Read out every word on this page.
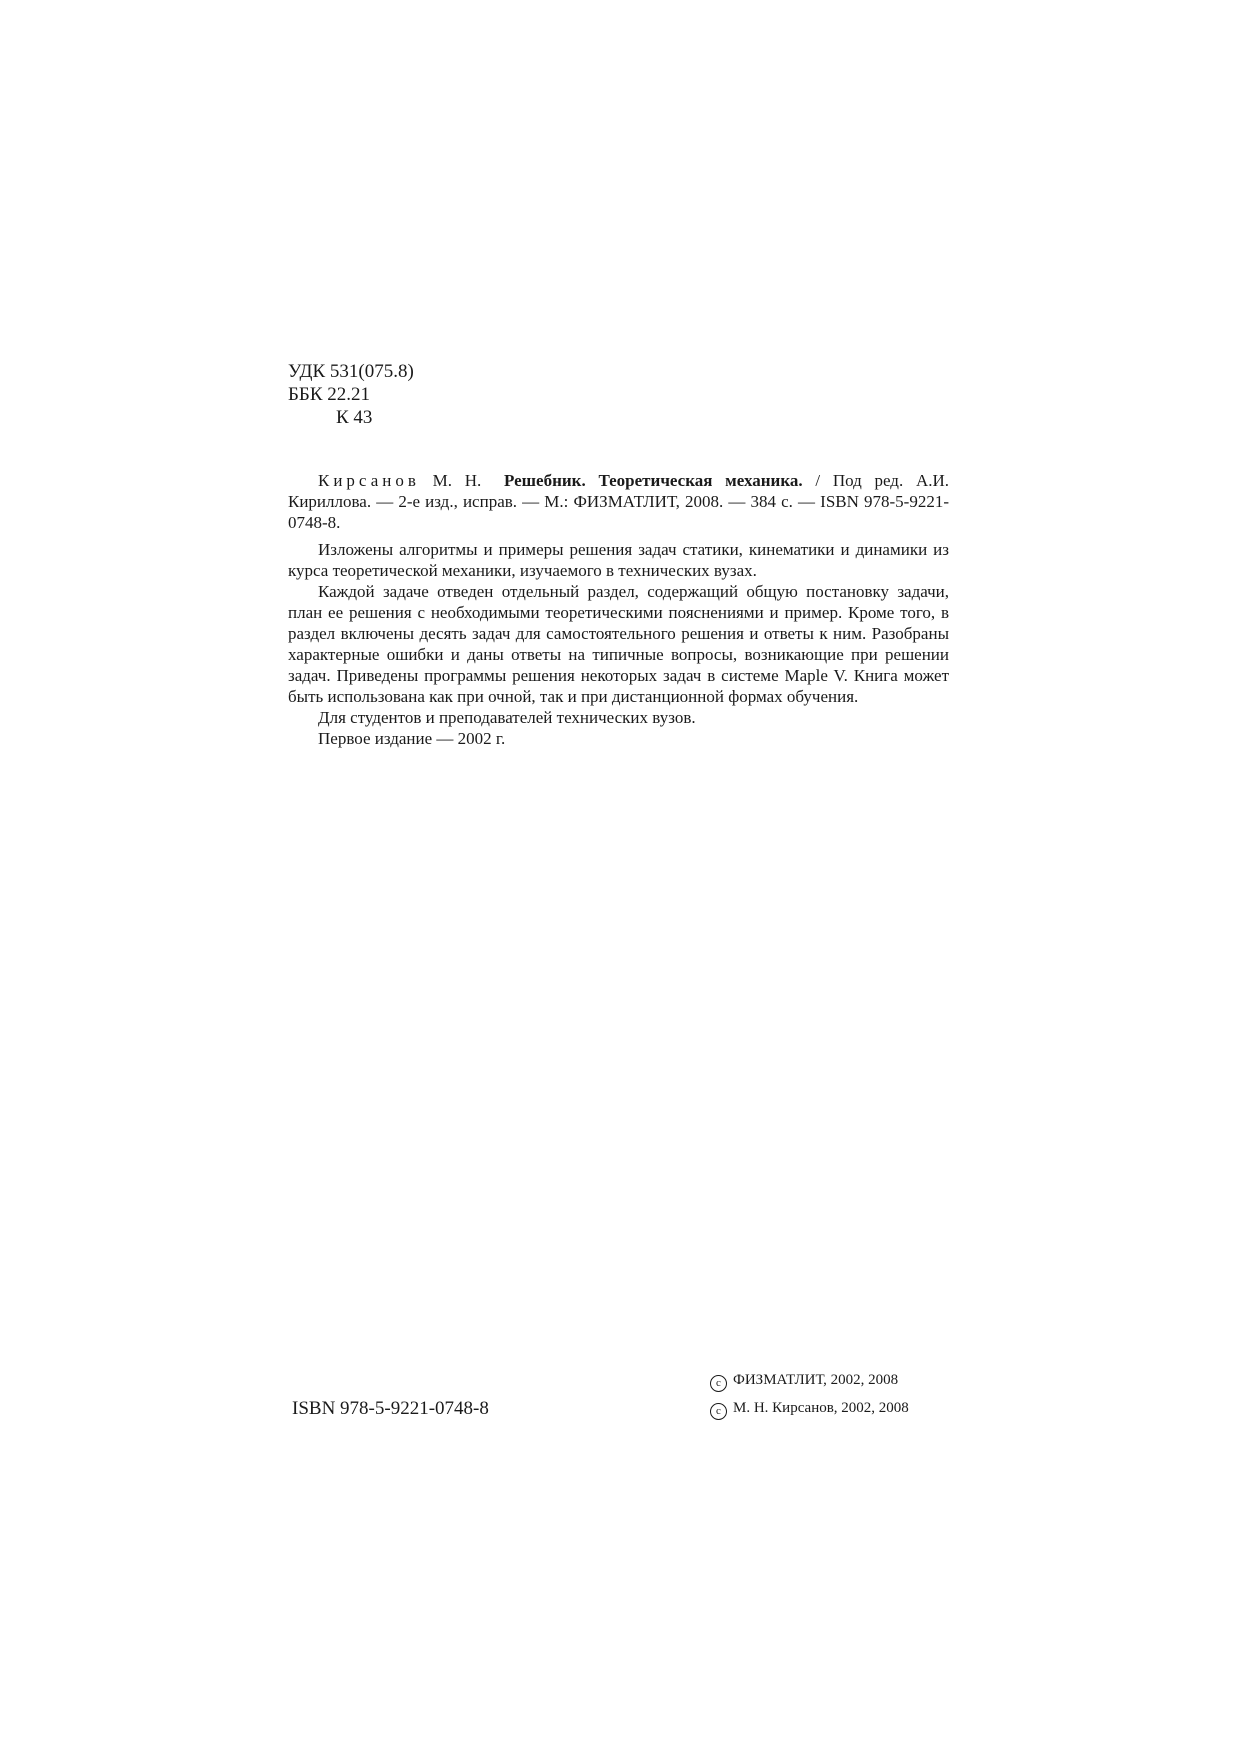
УДК 531(075.8)
ББК 22.21
К 43

Кирсанов М. Н. Решебник. Теоретическая механика. / Под ред. А.И. Кириллова. — 2-е изд., исправ. — М.: ФИЗМАТЛИТ, 2008. — 384 с. — ISBN 978-5-9221-0748-8.

Изложены алгоритмы и примеры решения задач статики, кинематики и динамики из курса теоретической механики, изучаемого в технических вузах.

Каждой задаче отведен отдельный раздел, содержащий общую постановку задачи, план ее решения с необходимыми теоретическими пояснениями и пример. Кроме того, в раздел включены десять задач для самостоятельного решения и ответы к ним. Разобраны характерные ошибки и даны ответы на типичные вопросы, возникающие при решении задач. Приведены программы решения некоторых задач в системе Maple V. Книга может быть использована как при очной, так и при дистанционной формах обучения.

Для студентов и преподавателей технических вузов.

Первое издание — 2002 г.

ISBN 978-5-9221-0748-8
c ФИЗМАТЛИТ, 2002, 2008
c М. Н. Кирсанов, 2002, 2008
